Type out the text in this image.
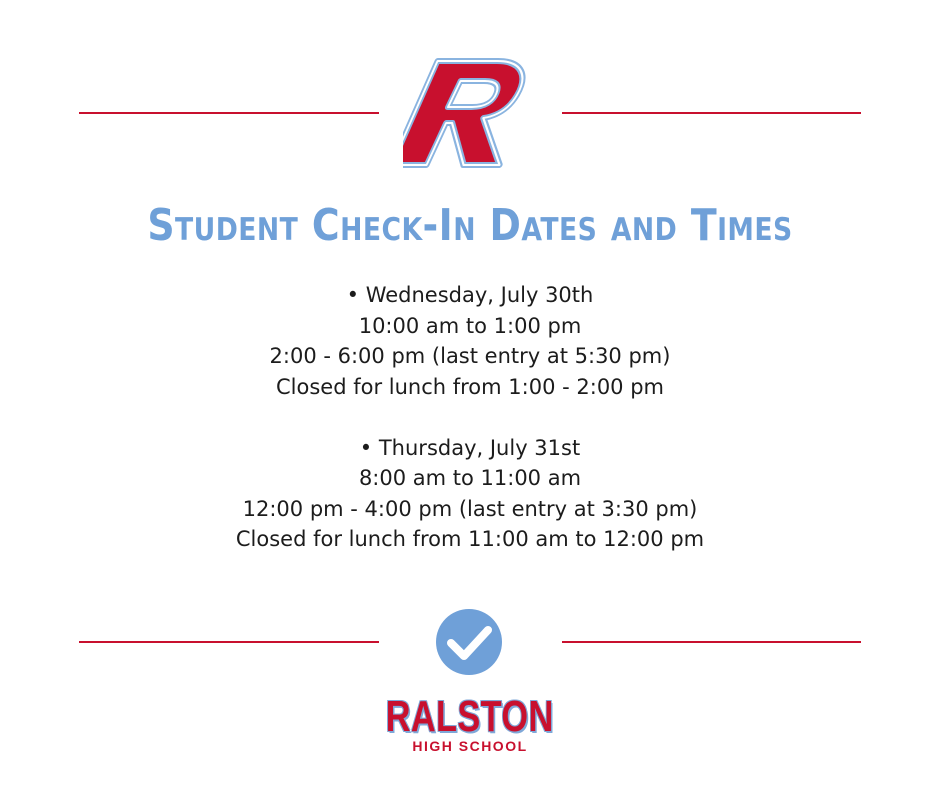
Student Check-In Dates and Times
• Wednesday, July 30th
10:00 am to 1:00 pm
2:00 - 6:00 pm (last entry at 5:30 pm)
Closed for lunch from 1:00 - 2:00 pm
• Thursday, July 31st
8:00 am to 11:00 am
12:00 pm - 4:00 pm (last entry at 3:30 pm)
Closed for lunch from 11:00 am to 12:00 pm
RALSTON
HIGH SCHOOL
